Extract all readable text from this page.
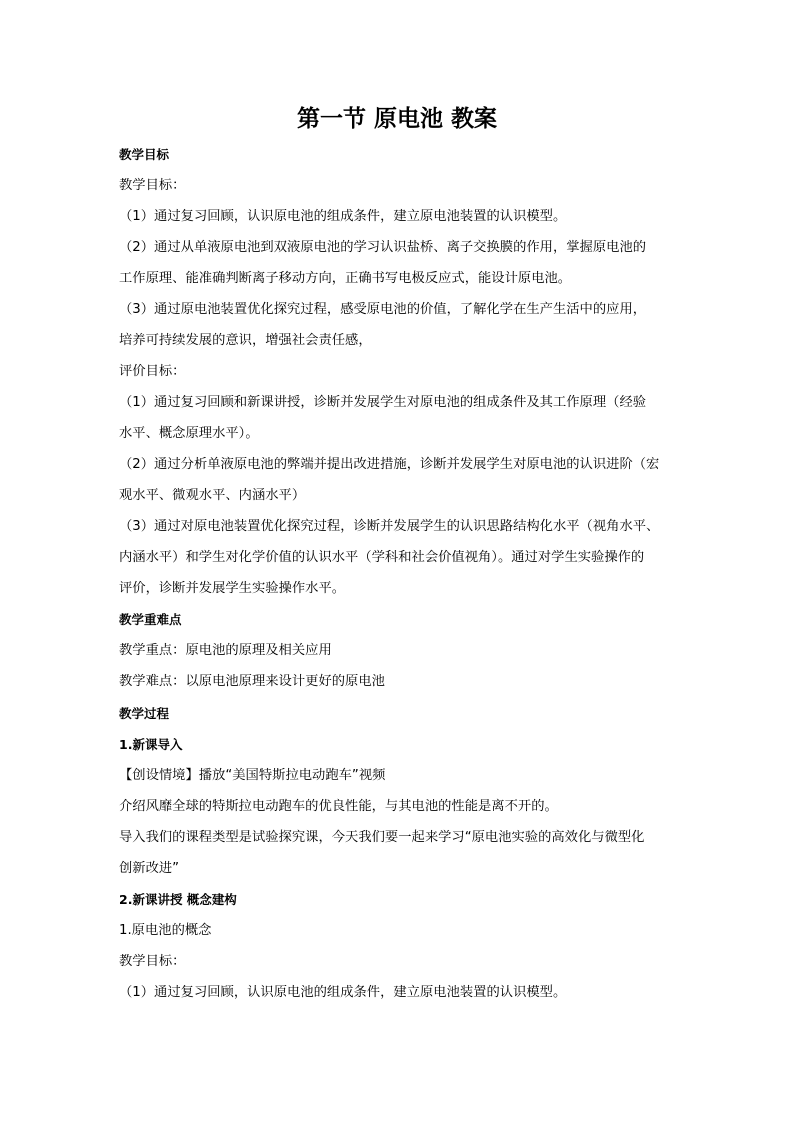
第一节 原电池 教案
教学目标
教学目标：
（1）通过复习回顾，认识原电池的组成条件，建立原电池装置的认识模型。
（2）通过从单液原电池到双液原电池的学习认识盐桥、离子交换膜的作用，掌握原电池的
工作原理、能准确判断离子移动方向，正确书写电极反应式，能设计原电池。
（3）通过原电池装置优化探究过程，感受原电池的价值，了解化学在生产生活中的应用，
培养可持续发展的意识，增强社会责任感，
评价目标：
（1）通过复习回顾和新课讲授，诊断并发展学生对原电池的组成条件及其工作原理（经验
水平、概念原理水平）。
（2）通过分析单液原电池的弊端并提出改进措施，诊断并发展学生对原电池的认识进阶（宏
观水平、微观水平、内涵水平）
（3）通过对原电池装置优化探究过程，诊断并发展学生的认识思路结构化水平（视角水平、
内涵水平）和学生对化学价值的认识水平（学科和社会价值视角）。通过对学生实验操作的
评价，诊断并发展学生实验操作水平。
教学重难点
教学重点：原电池的原理及相关应用
教学难点：以原电池原理来设计更好的原电池
教学过程
1.新课导入
【创设情境】播放“美国特斯拉电动跑车”视频
介绍风靡全球的特斯拉电动跑车的优良性能，与其电池的性能是离不开的。
导入我们的课程类型是试验探究课，今天我们要一起来学习“原电池实验的高效化与微型化
创新改进”
2.新课讲授 概念建构
1.原电池的概念
教学目标：
（1）通过复习回顾，认识原电池的组成条件，建立原电池装置的认识模型。
